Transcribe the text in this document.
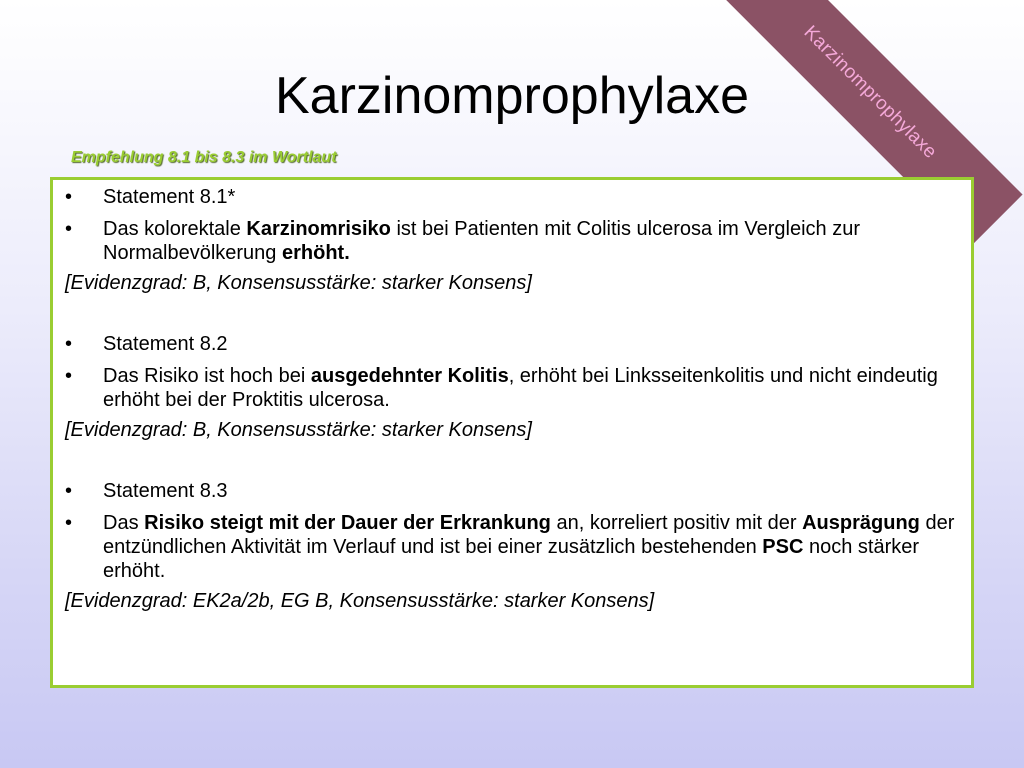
Karzinomprophylaxe
Karzinomprophylaxe

Empfehlung 8.1 bis 8.3 im Wortlaut

•	Statement 8.1*
•	Das kolorektale Karzinomrisiko ist bei Patienten mit Colitis ulcerosa im Vergleich zur Normalbevölkerung erhöht.
[Evidenzgrad: B, Konsensusstärke: starker Konsens]
•	Statement 8.2
•	Das Risiko ist hoch bei ausgedehnter Kolitis, erhöht bei Linksseitenkolitis und nicht eindeutig erhöht bei der Proktitis ulcerosa.
[Evidenzgrad: B, Konsensusstärke: starker Konsens]
•	Statement 8.3
•	Das Risiko steigt mit der Dauer der Erkrankung an, korreliert positiv mit der Ausprägung der entzündlichen Aktivität im Verlauf und ist bei einer zusätzlich bestehenden PSC noch stärker erhöht.
[Evidenzgrad: EK2a/2b, EG B, Konsensusstärke: starker Konsens]
